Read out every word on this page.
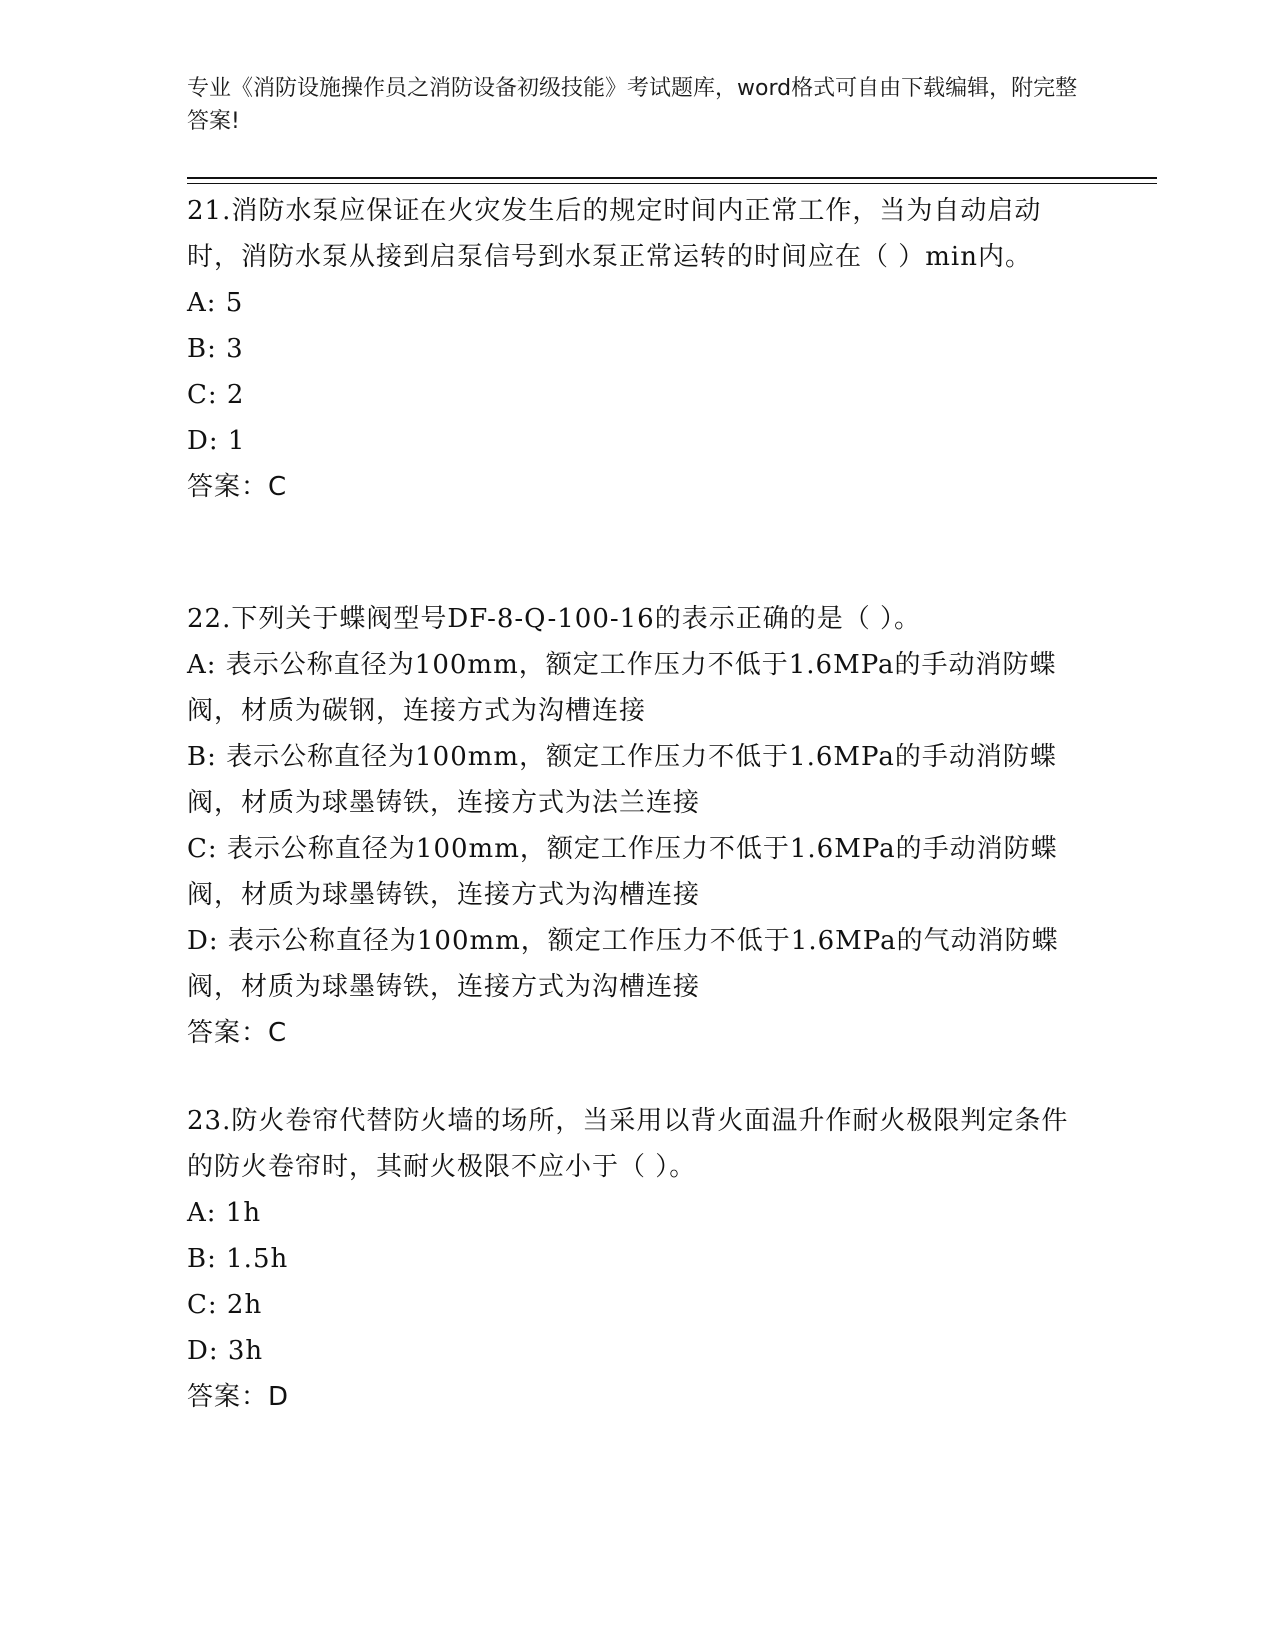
专业《消防设施操作员之消防设备初级技能》考试题库，word格式可自由下载编辑，附完整答案!

21.消防水泵应保证在火灾发生后的规定时间内正常工作，当为自动启动时，消防水泵从接到启泵信号到水泵正常运转的时间应在（ ）min内。

A: 5

B: 3

C: 2

D: 1

答案：C

22.下列关于蝶阀型号DF-8-Q-100-16的表示正确的是（ ）。

A: 表示公称直径为100mm，额定工作压力不低于1.6MPa的手动消防蝶阀，材质为碳钢，连接方式为沟槽连接

B: 表示公称直径为100mm，额定工作压力不低于1.6MPa的手动消防蝶阀，材质为球墨铸铁，连接方式为法兰连接

C: 表示公称直径为100mm，额定工作压力不低于1.6MPa的手动消防蝶阀，材质为球墨铸铁，连接方式为沟槽连接

D: 表示公称直径为100mm，额定工作压力不低于1.6MPa的气动消防蝶阀，材质为球墨铸铁，连接方式为沟槽连接

答案：C

23.防火卷帘代替防火墙的场所，当采用以背火面温升作耐火极限判定条件的防火卷帘时，其耐火极限不应小于（ ）。

A: 1h

B: 1.5h

C: 2h

D: 3h

答案：D
